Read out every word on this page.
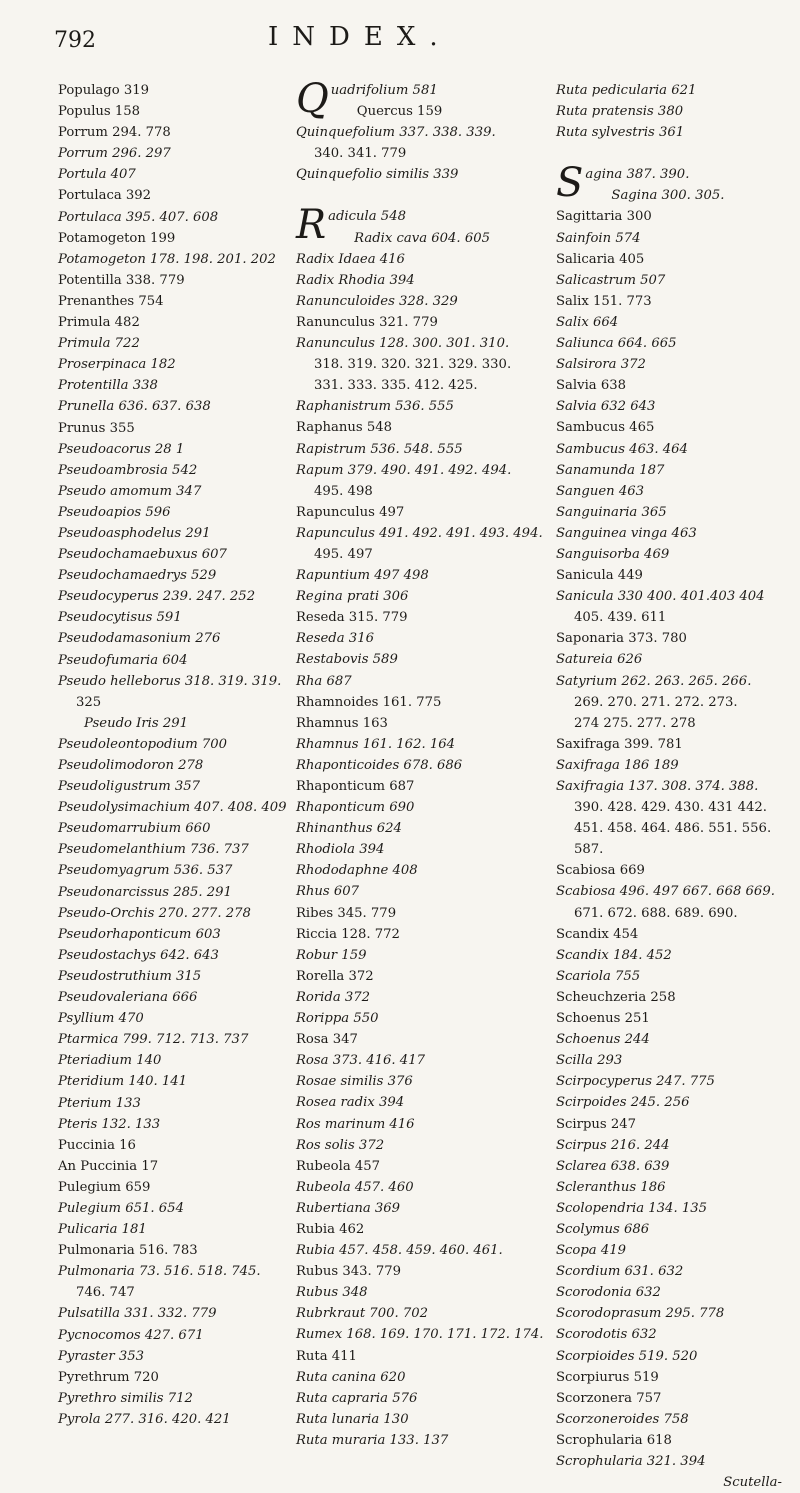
792	INDEX.
Populago 319
Populus 158
Porrum 294. 778
Porrum 296. 297
Portula 407
Portulaca 392
Portulaca 395. 407. 608
Potamogeton 199
Potamogeton 178. 198. 201. 202
Potentilla 338. 779
Prenanthes 754
Primula 482
Primula 722
Proserpinaca 182
Protentilla 338
Prunella 636. 637. 638
Prunus 355
Pseudoacorus 28 1
Pseudoambrosia 542
Pseudo amomum 347
Pseudoapios 596
Pseudoasphodelus 291
Pseudochamaebuxus 607
Pseudochamaedrys 529
Pseudocyperus 239. 247. 252
Pseudocytisus 591
Pseudodamasonium 276
Pseudofumaria 604
Pseudo helleborus 318. 319. 319.
325
Pseudo Iris 291
Pseudoleontopodium 700
Pseudolimodoron 278
Pseudoligustrum 357
Pseudolysimachium 407. 408. 409
Pseudomarrubium 660
Pseudomelanthium 736. 737
Pseudomyagrum 536. 537
Pseudonarcissus 285. 291
Pseudo-Orchis 270. 277. 278
Pseudorhaponticum 603
Pseudostachys 642. 643
Pseudostruthium 315
Pseudovaleriana 666
Psyllium 470
Ptarmica 799. 712. 713. 737
Pteriadium 140
Pteridium 140. 141
Pterium 133
Pteris 132. 133
Puccinia 16
An Puccinia 17
Pulegium 659
Pulegium 651. 654
Pulicaria 181
Pulmonaria 516. 783
Pulmonaria 73. 516. 518. 745.
746. 747
Pulsatilla 331. 332. 779
Pycnocomos 427. 671
Pyraster 353
Pyrethrum 720
Pyrethro similis 712
Pyrola 277. 316. 420. 421
Quadrifolium 581
Quercus 159
Quinquefolium 337. 338. 339.
340. 341. 779
Quinquefolio similis 339
Radicula 548
Radix cava 604. 605
Radix Idaea 416
Radix Rhodia 394
Ranunculoides 328. 329
Ranunculus 321. 779
Ranunculus 128. 300. 301. 310.
318. 319. 320. 321. 329. 330.
331. 333. 335. 412. 425.
Raphanistrum 536. 555
Raphanus 548
Rapistrum 536. 548. 555
Rapum 379. 490. 491. 492. 494.
495. 498
Rapunculus 497
Rapunculus 491. 492. 491. 493. 494.
495. 497
Rapuntium 497 498
Regina prati 306
Reseda 315. 779
Reseda 316
Restabovis 589
Rha 687
Rhamnoides 161. 775
Rhamnus 163
Rhamnus 161. 162. 164
Rhaponticoides 678. 686
Rhaponticum 687
Rhaponticum 690
Rhinanthus 624
Rhodiola 394
Rhododaphne 408
Rhus 607
Ribes 345. 779
Riccia 128. 772
Robur 159
Rorella 372
Rorida 372
Rorippa 550
Rosa 347
Rosa 373. 416. 417
Rosae similis 376
Rosea radix 394
Ros marinum 416
Ros solis 372
Rubeola 457
Rubeola 457. 460
Rubertiana 369
Rubia 462
Rubia 457. 458. 459. 460. 461.
Rubus 343. 779
Rubus 348
Rubrkraut 700. 702
Rumex 168. 169. 170. 171. 172. 174.
Ruta 411
Ruta canina 620
Ruta capraria 576
Ruta lunaria 130
Ruta muraria 133. 137
Ruta pedicularia 621
Ruta pratensis 380
Ruta sylvestris 361
Sagina 387. 390.
Sagina 300. 305.
Sagittaria 300
Sainfoin 574
Salicaria 405
Salicastrum 507
Salix 151. 773
Salix 664
Saliunca 664. 665
Salsirora 372
Salvia 638
Salvia 632 643
Sambucus 465
Sambucus 463. 464
Sanamunda 187
Sanguen 463
Sanguinaria 365
Sanguinea vinga 463
Sanguisorba 469
Sanicula 449
Sanicula 330 400. 401.403 404
405. 439. 611
Saponaria 373. 780
Satureia 626
Satyrium 262. 263. 265. 266.
269. 270. 271. 272. 273.
274 275. 277. 278
Saxifraga 399. 781
Saxifraga 186 189
Saxifragia 137. 308. 374. 388.
390. 428. 429. 430. 431 442.
451. 458. 464. 486. 551. 556.
587.
Scabiosa 669
Scabiosa 496. 497 667. 668 669.
671. 672. 688. 689. 690.
Scandix 454
Scandix 184. 452
Scariola 755
Scheuchzeria 258
Schoenus 251
Schoenus 244
Scilla 293
Scirpocyperus 247. 775
Scirpoides 245. 256
Scirpus 247
Scirpus 216. 244
Sclarea 638. 639
Scleranthus 186
Scolopendria 134. 135
Scolymus 686
Scopa 419
Scordium 631. 632
Scorodonia 632
Scorodoprasum 295. 778
Scorodotis 632
Scorpioides 519. 520
Scorpiurus 519
Scorzonera 757
Scorzoneroides 758
Scrophularia 618
Scrophularia 321. 394
Scutella-
